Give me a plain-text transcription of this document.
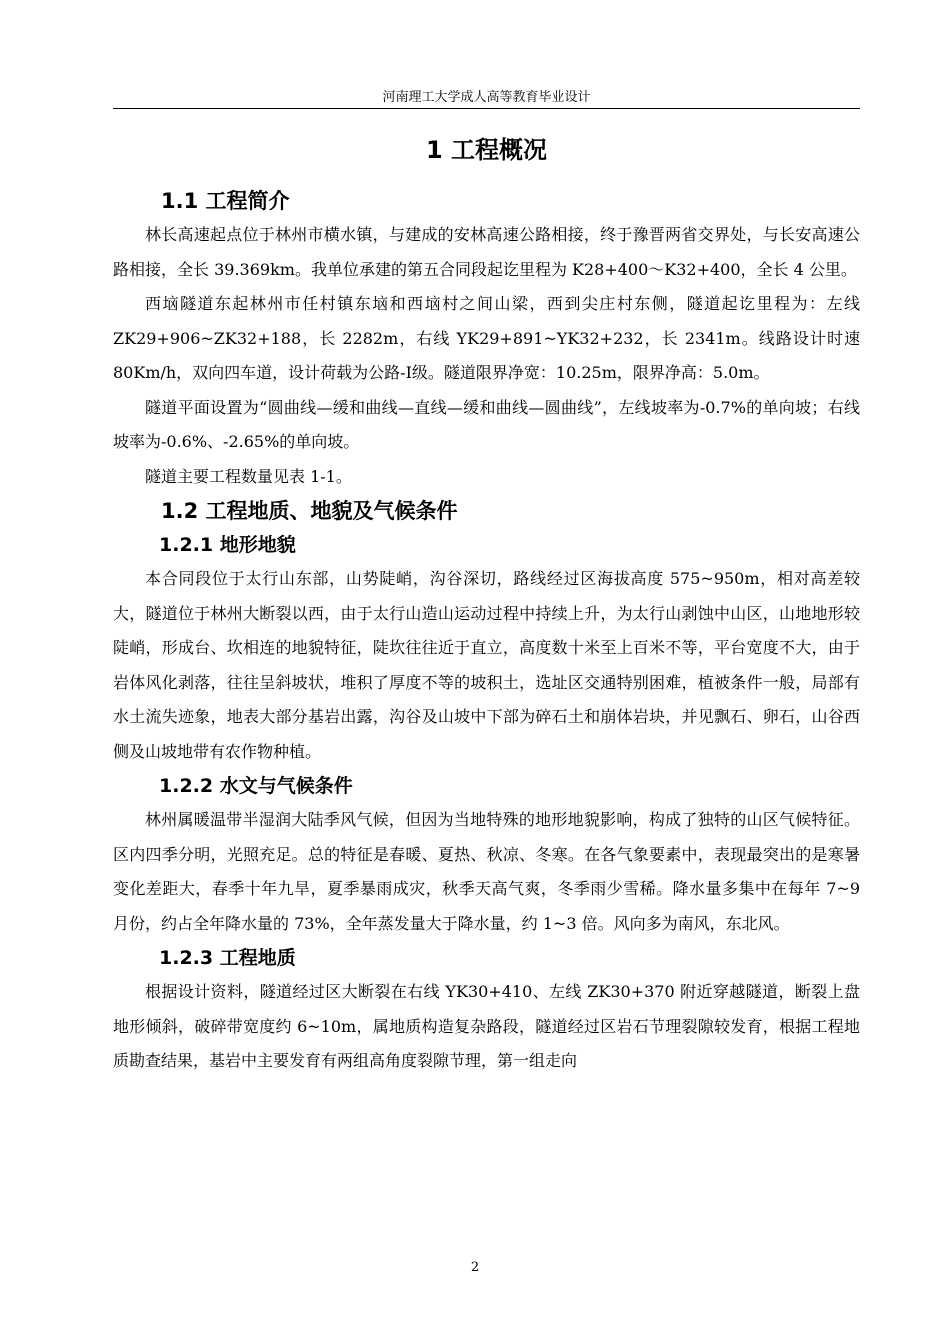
河南理工大学成人高等教育毕业设计
1 工程概况
1.1 工程简介

林长高速起点位于林州市横水镇，与建成的安林高速公路相接，终于豫晋两省交界处，与长安高速公路相接，全长 39.369km。我单位承建的第五合同段起讫里程为 K28+400～K32+400，全长 4 公里。

西垴隧道东起林州市任村镇东垴和西垴村之间山梁，西到尖庄村东侧，隧道起讫里程为：左线 ZK29+906~ZK32+188，长 2282m，右线 YK29+891~YK32+232，长 2341m。线路设计时速 80Km/h，双向四车道，设计荷载为公路-Ⅰ级。隧道限界净宽：10.25m，限界净高：5.0m。

隧道平面设置为“圆曲线—缓和曲线—直线—缓和曲线—圆曲线”，左线坡率为-0.7%的单向坡；右线坡率为-0.6%、-2.65%的单向坡。

隧道主要工程数量见表 1-1。

1.2 工程地质、地貌及气候条件
1.2.1 地形地貌

本合同段位于太行山东部，山势陡峭，沟谷深切，路线经过区海拔高度 575~950m，相对高差较大，隧道位于林州大断裂以西，由于太行山造山运动过程中持续上升，为太行山剥蚀中山区，山地地形较陡峭，形成台、坎相连的地貌特征，陡坎往往近于直立，高度数十米至上百米不等，平台宽度不大，由于岩体风化剥落，往往呈斜坡状，堆积了厚度不等的坡积土，选址区交通特别困难，植被条件一般，局部有水土流失迹象，地表大部分基岩出露，沟谷及山坡中下部为碎石土和崩体岩块，并见飘石、卵石，山谷西侧及山坡地带有农作物种植。

1.2.2 水文与气候条件

林州属暖温带半湿润大陆季风气候，但因为当地特殊的地形地貌影响，构成了独特的山区气候特征。区内四季分明，光照充足。总的特征是春暖、夏热、秋凉、冬寒。在各气象要素中，表现最突出的是寒暑变化差距大，春季十年九旱，夏季暴雨成灾，秋季天高气爽，冬季雨少雪稀。降水量多集中在每年 7~9 月份，约占全年降水量的 73%，全年蒸发量大于降水量，约 1~3 倍。风向多为南风，东北风。

1.2.3 工程地质

根据设计资料，隧道经过区大断裂在右线 YK30+410、左线 ZK30+370 附近穿越隧道，断裂上盘地形倾斜，破碎带宽度约 6~10m，属地质构造复杂路段，隧道经过区岩石节理裂隙较发育，根据工程地质勘查结果，基岩中主要发育有两组高角度裂隙节理，第一组走向

2
